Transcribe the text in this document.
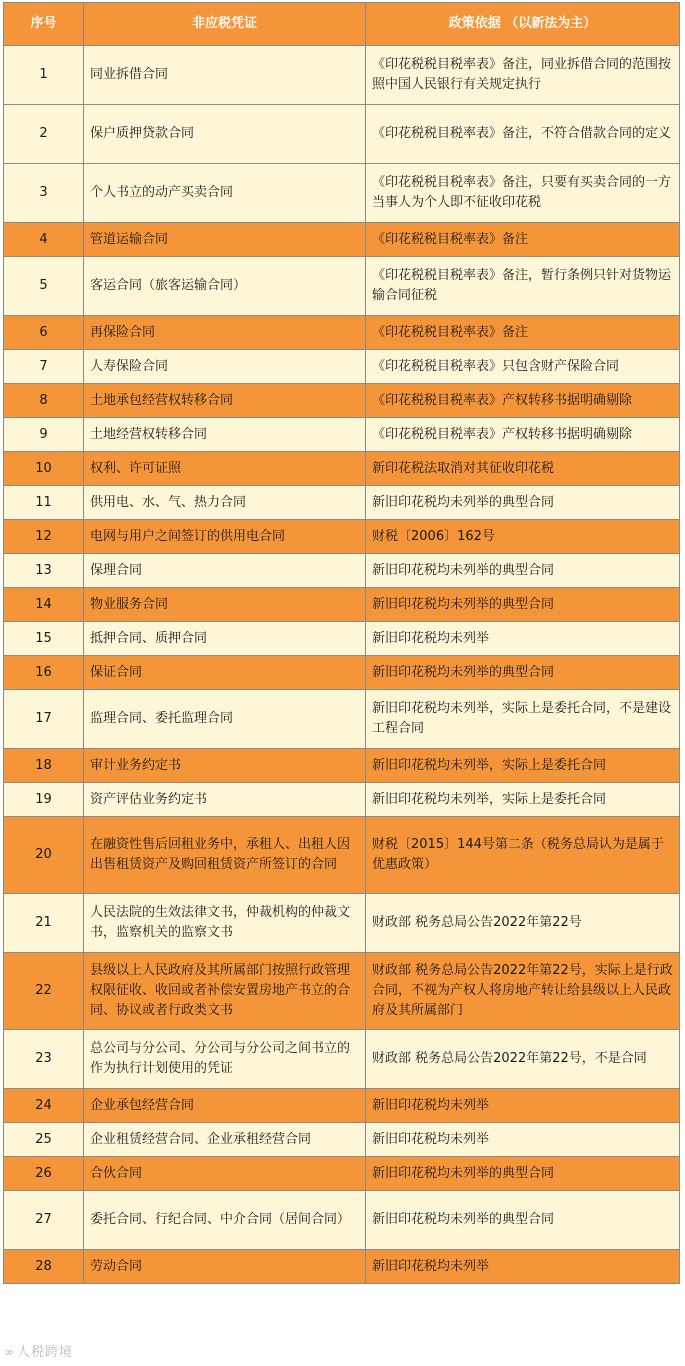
序号	非应税凭证	政策依据 （以新法为主）
1	同业拆借合同	《印花税税目税率表》备注，同业拆借合同的范围按照中国人民银行有关规定执行
2	保户质押贷款合同	《印花税税目税率表》备注，不符合借款合同的定义
3	个人书立的动产买卖合同	《印花税税目税率表》备注，只要有买卖合同的一方当事人为个人即不征收印花税
4	管道运输合同	《印花税税目税率表》备注
5	客运合同（旅客运输合同）	《印花税税目税率表》备注，暂行条例只针对货物运输合同征税
6	再保险合同	《印花税税目税率表》备注
7	人寿保险合同	《印花税税目税率表》只包含财产保险合同
8	土地承包经营权转移合同	《印花税税目税率表》产权转移书据明确剔除
9	土地经营权转移合同	《印花税税目税率表》产权转移书据明确剔除
10	权利、许可证照	新印花税法取消对其征收印花税
11	供用电、水、气、热力合同	新旧印花税均未列举的典型合同
12	电网与用户之间签订的供用电合同	财税〔2006〕162号
13	保理合同	新旧印花税均未列举的典型合同
14	物业服务合同	新旧印花税均未列举的典型合同
15	抵押合同、质押合同	新旧印花税均未列举
16	保证合同	新旧印花税均未列举的典型合同
17	监理合同、委托监理合同	新旧印花税均未列举，实际上是委托合同，不是建设工程合同
18	审计业务约定书	新旧印花税均未列举，实际上是委托合同
19	资产评估业务约定书	新旧印花税均未列举，实际上是委托合同
20	在融资性售后回租业务中，承租人、出租人因出售租赁资产及购回租赁资产所签订的合同	财税〔2015〕144号第二条（税务总局认为是属于优惠政策）
21	人民法院的生效法律文书，仲裁机构的仲裁文书，监察机关的监察文书	财政部 税务总局公告2022年第22号
22	县级以上人民政府及其所属部门按照行政管理权限征收、收回或者补偿安置房地产书立的合同、协议或者行政类文书	财政部 税务总局公告2022年第22号，实际上是行政合同，不视为产权人将房地产转让给县级以上人民政府及其所属部门
23	总公司与分公司、分公司与分公司之间书立的作为执行计划使用的凭证	财政部 税务总局公告2022年第22号，不是合同
24	企业承包经营合同	新旧印花税均未列举
25	企业租赁经营合同、企业承租经营合同	新旧印花税均未列举
26	合伙合同	新旧印花税均未列举的典型合同
27	委托合同、行纪合同、中介合同（居间合同）	新旧印花税均未列举的典型合同
28	劳动合同	新旧印花税均未列举
∞ 人税跨境
